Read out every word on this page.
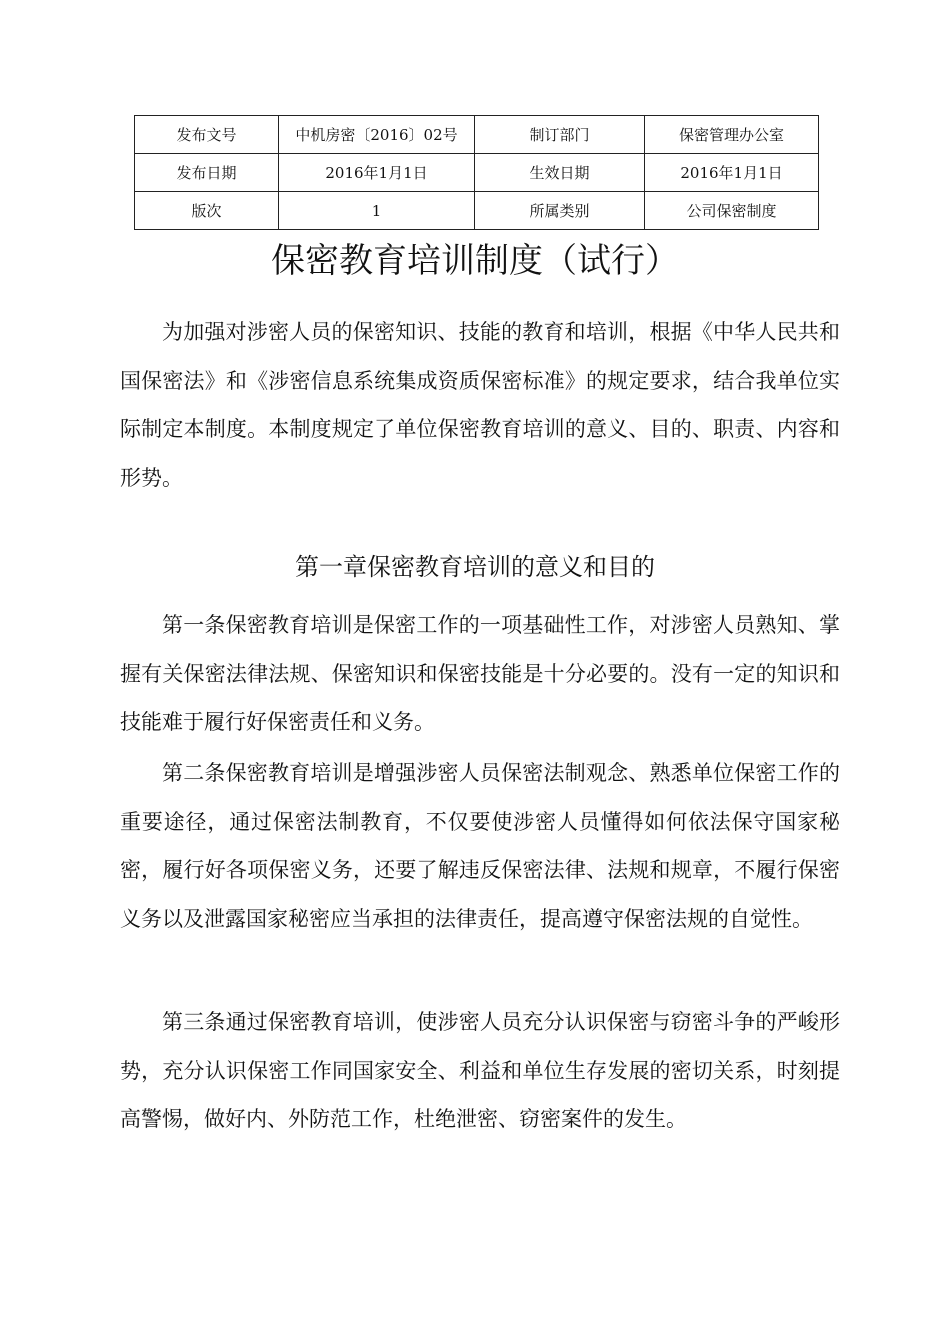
发布文号	中机房密〔2016〕02号	制订部门	保密管理办公室
发布日期	2016年1月1日	生效日期	2016年1月1日
版次	1	所属类别	公司保密制度
保密教育培训制度（试行）

为加强对涉密人员的保密知识、技能的教育和培训，根据《中华人民共和国保密法》和《涉密信息系统集成资质保密标准》的规定要求，结合我单位实际制定本制度。本制度规定了单位保密教育培训的意义、目的、职责、内容和形势。

第一章保密教育培训的意义和目的

第一条保密教育培训是保密工作的一项基础性工作，对涉密人员熟知、掌握有关保密法律法规、保密知识和保密技能是十分必要的。没有一定的知识和技能难于履行好保密责任和义务。

第二条保密教育培训是增强涉密人员保密法制观念、熟悉单位保密工作的重要途径，通过保密法制教育，不仅要使涉密人员懂得如何依法保守国家秘密，履行好各项保密义务，还要了解违反保密法律、法规和规章，不履行保密义务以及泄露国家秘密应当承担的法律责任，提高遵守保密法规的自觉性。

第三条通过保密教育培训，使涉密人员充分认识保密与窃密斗争的严峻形势，充分认识保密工作同国家安全、利益和单位生存发展的密切关系，时刻提高警惕，做好内、外防范工作，杜绝泄密、窃密案件的发生。
